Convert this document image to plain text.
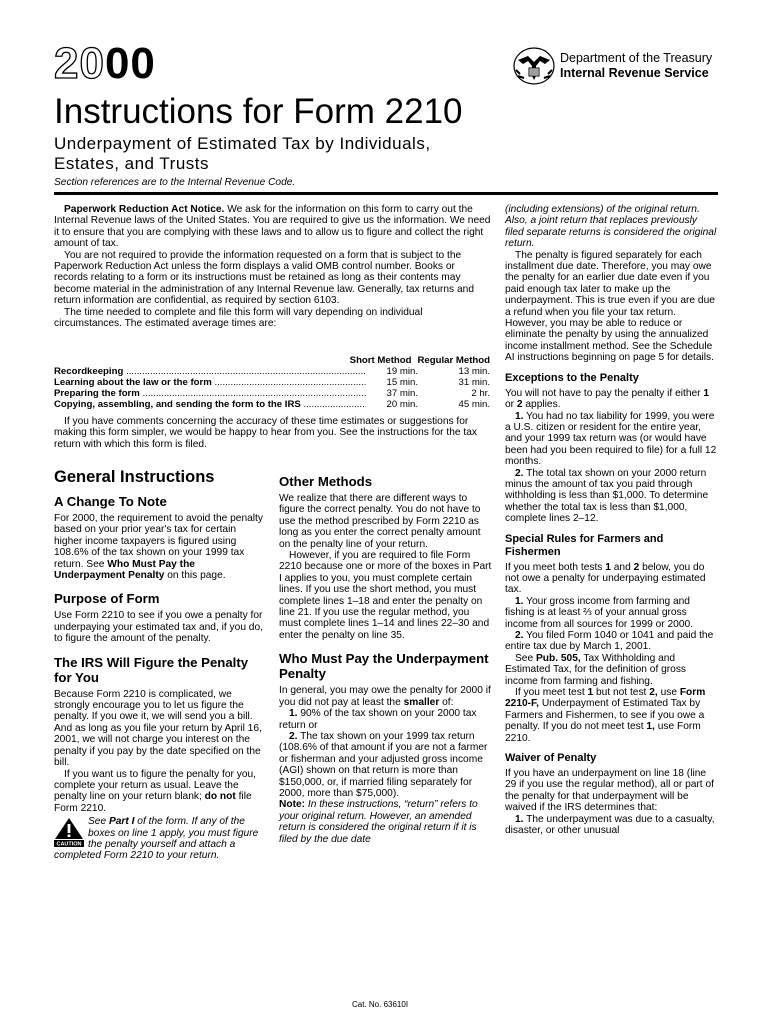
2000	Department of the Treasury
Internal Revenue Service
Instructions for Form 2210
Underpayment of Estimated Tax by Individuals, Estates, and Trusts
Section references are to the Internal Revenue Code.

Paperwork Reduction Act Notice. We ask for the information on this form to carry out the Internal Revenue laws of the United States. You are required to give us the information. We need it to ensure that you are complying with these laws and to allow us to figure and collect the right amount of tax.

You are not required to provide the information requested on a form that is subject to the Paperwork Reduction Act unless the form displays a valid OMB control number. Books or records relating to a form or its instructions must be retained as long as their contents may become material in the administration of any Internal Revenue law. Generally, tax returns and return information are confidential, as required by section 6103.

The time needed to complete and file this form will vary depending on individual circumstances. The estimated average times are:

Short Method Regular Method
Recordkeeping .....	19 min.	13 min.
Learning about the law or the form .....	15 min.	31 min.
Preparing the form .....	37 min.	2 hr.
Copying, assembling, and sending the form to the IRS .....	20 min.	45 min.

If you have comments concerning the accuracy of these time estimates or suggestions for making this form simpler, we would be happy to hear from you. See the instructions for the tax return with which this form is filed.

General Instructions
A Change To Note

For 2000, the requirement to avoid the penalty based on your prior year's tax for certain higher income taxpayers is figured using 108.6% of the tax shown on your 1999 tax return. See Who Must Pay the Underpayment Penalty on this page.

Purpose of Form

Use Form 2210 to see if you owe a penalty for underpaying your estimated tax and, if you do, to figure the amount of the penalty.

The IRS Will Figure the Penalty for You

Because Form 2210 is complicated, we strongly encourage you to let us figure the penalty. If you owe it, we will send you a bill. And as long as you file your return by April 16, 2001, we will not charge you interest on the penalty if you pay by the date specified on the bill.

If you want us to figure the penalty for you, complete your return as usual. Leave the penalty line on your return blank; do not file Form 2210.

CAUTION

See Part I of the form. If any of the boxes on line 1 apply, you must figure the penalty yourself and attach a completed Form 2210 to your return.

Other Methods

We realize that there are different ways to figure the correct penalty. You do not have to use the method prescribed by Form 2210 as long as you enter the correct penalty amount on the penalty line of your return.

However, if you are required to file Form 2210 because one or more of the boxes in Part I applies to you, you must complete certain lines. If you use the short method, you must complete lines 1–18 and enter the penalty on line 21. If you use the regular method, you must complete lines 1–14 and lines 22–30 and enter the penalty on line 35.

Who Must Pay the Underpayment Penalty

In general, you may owe the penalty for 2000 if you did not pay at least the smaller of:

1. 90% of the tax shown on your 2000 tax return or

2. The tax shown on your 1999 tax return (108.6% of that amount if you are not a farmer or fisherman and your adjusted gross income (AGI) shown on that return is more than $150,000, or, if married filing separately for 2000, more than $75,000).

Note: In these instructions, “return” refers to your original return. However, an amended return is considered the original return if it is filed by the due date

(including extensions) of the original return. Also, a joint return that replaces previously filed separate returns is considered the original return.

The penalty is figured separately for each installment due date. Therefore, you may owe the penalty for an earlier due date even if you paid enough tax later to make up the underpayment. This is true even if you are due a refund when you file your tax return. However, you may be able to reduce or eliminate the penalty by using the annualized income installment method. See the Schedule AI instructions beginning on page 5 for details.

Exceptions to the Penalty

You will not have to pay the penalty if either 1 or 2 applies.

1. You had no tax liability for 1999, you were a U.S. citizen or resident for the entire year, and your 1999 tax return was (or would have been had you been required to file) for a full 12 months.

2. The total tax shown on your 2000 return minus the amount of tax you paid through withholding is less than $1,000. To determine whether the total tax is less than $1,000, complete lines 2–12.

Special Rules for Farmers and Fishermen

If you meet both tests 1 and 2 below, you do not owe a penalty for underpaying estimated tax.

1. Your gross income from farming and fishing is at least ⅔ of your annual gross income from all sources for 1999 or 2000.

2. You filed Form 1040 or 1041 and paid the entire tax due by March 1, 2001.

See Pub. 505, Tax Withholding and Estimated Tax, for the definition of gross income from farming and fishing.

If you meet test 1 but not test 2, use Form 2210-F, Underpayment of Estimated Tax by Farmers and Fishermen, to see if you owe a penalty. If you do not meet test 1, use Form 2210.

Waiver of Penalty

If you have an underpayment on line 18 (line 29 if you use the regular method), all or part of the penalty for that underpayment will be waived if the IRS determines that:

1. The underpayment was due to a casualty, disaster, or other unusual

Cat. No. 63610I
